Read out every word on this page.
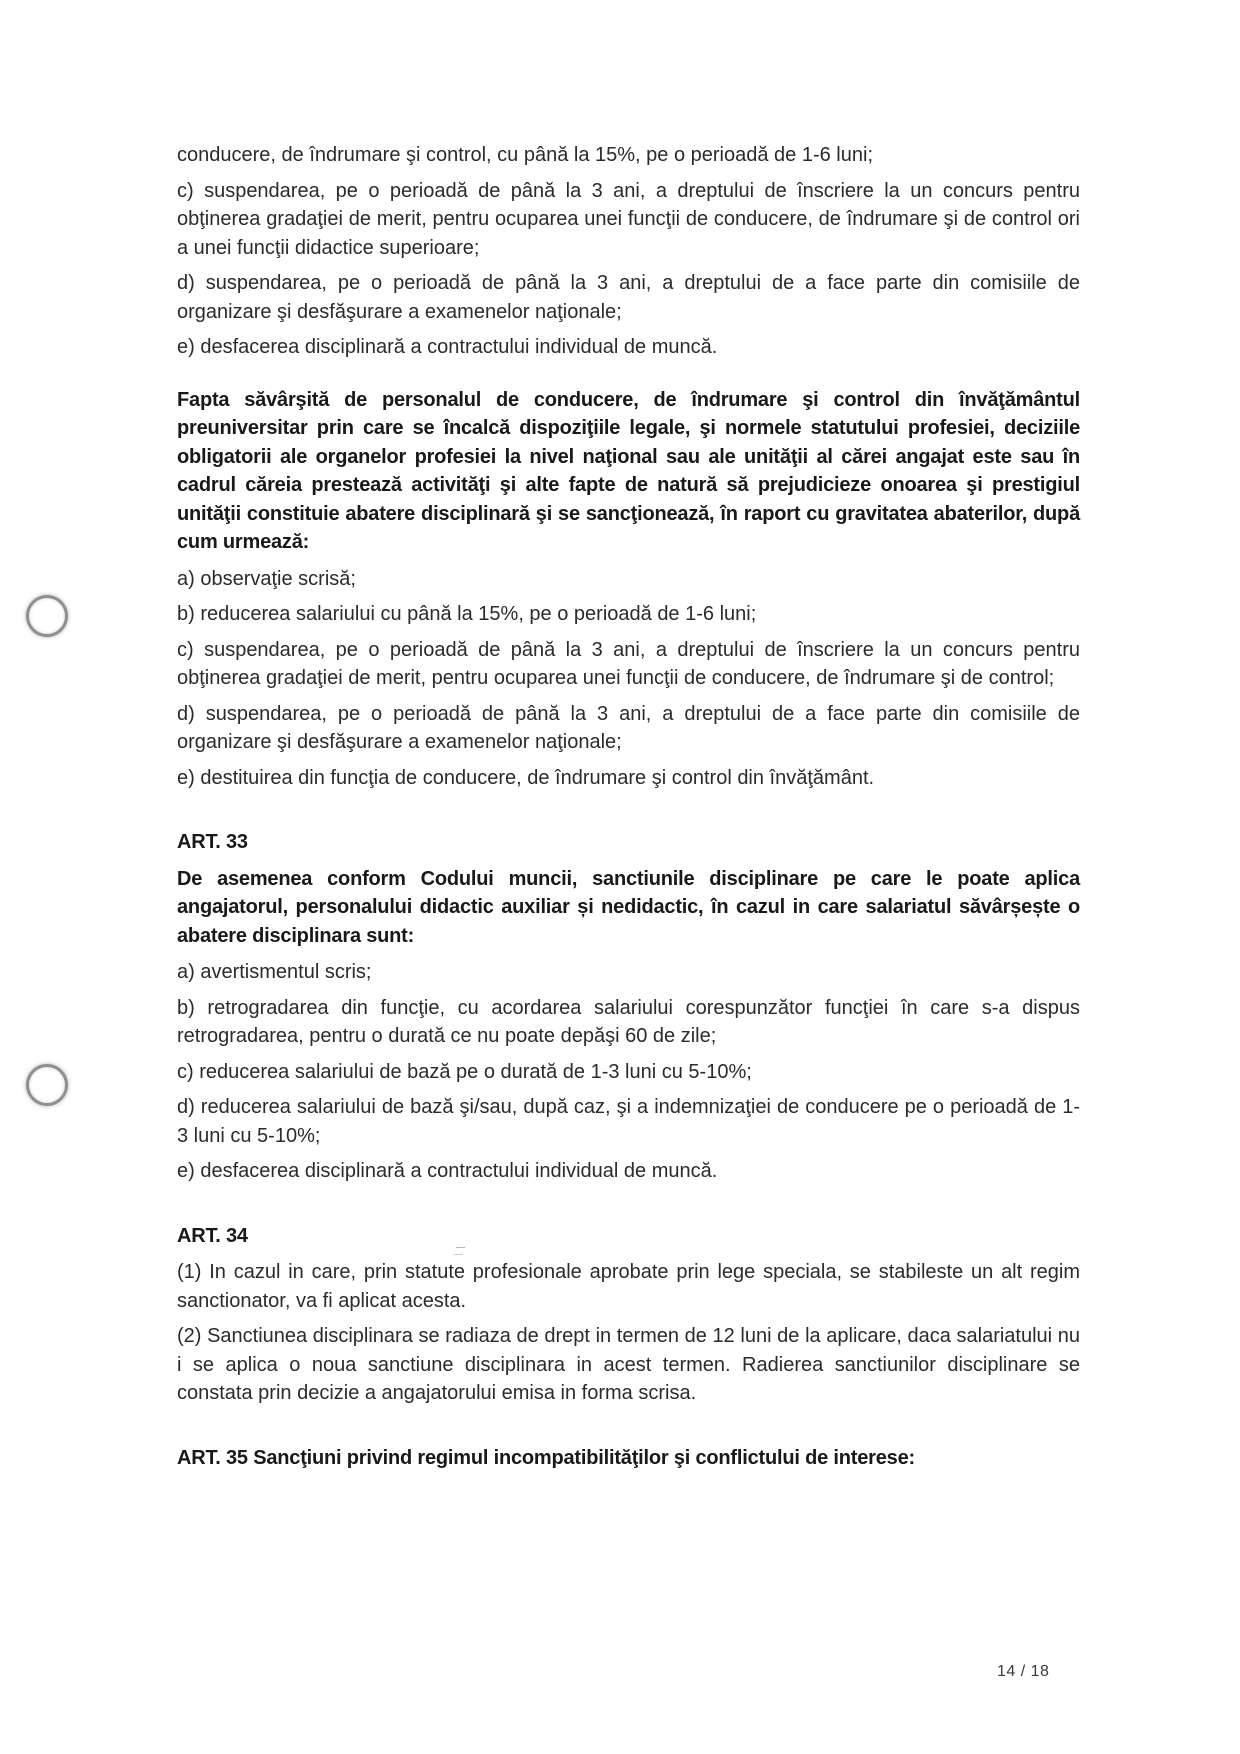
conducere, de îndrumare şi control, cu până la 15%, pe o perioadă de 1-6 luni;

c) suspendarea, pe o perioadă de până la 3 ani, a dreptului de înscriere la un concurs pentru obţinerea gradaţiei de merit, pentru ocuparea unei funcţii de conducere, de îndrumare şi de control ori a unei funcţii didactice superioare;

d) suspendarea, pe o perioadă de până la 3 ani, a dreptului de a face parte din comisiile de organizare şi desfăşurare a examenelor naţionale;

e) desfacerea disciplinară a contractului individual de muncă.

Fapta săvârşită de personalul de conducere, de îndrumare şi control din învăţământul preuniversitar prin care se încalcă dispoziţiile legale, şi normele statutului profesiei, deciziile obligatorii ale organelor profesiei la nivel naţional sau ale unităţii al cărei angajat este sau în cadrul căreia prestează activităţi şi alte fapte de natură să prejudicieze onoarea şi prestigiul unităţii constituie abatere disciplinară şi se sancţionează, în raport cu gravitatea abaterilor, după cum urmează:

a) observaţie scrisă;

b) reducerea salariului cu până la 15%, pe o perioadă de 1-6 luni;

c) suspendarea, pe o perioadă de până la 3 ani, a dreptului de înscriere la un concurs pentru obţinerea gradaţiei de merit, pentru ocuparea unei funcţii de conducere, de îndrumare şi de control;

d) suspendarea, pe o perioadă de până la 3 ani, a dreptului de a face parte din comisiile de organizare şi desfăşurare a examenelor naţionale;

e) destituirea din funcţia de conducere, de îndrumare şi control din învăţământ.

ART. 33

De asemenea conform Codului muncii, sanctiunile disciplinare pe care le poate aplica angajatorul, personalului didactic auxiliar și nedidactic, în cazul in care salariatul săvârșește o abatere disciplinara sunt:

a) avertismentul scris;

b) retrogradarea din funcţie, cu acordarea salariului corespunzător funcţiei în care s-a dispus retrogradarea, pentru o durată ce nu poate depăşi 60 de zile;

c) reducerea salariului de bază pe o durată de 1-3 luni cu 5-10%;

d) reducerea salariului de bază şi/sau, după caz, şi a indemnizaţiei de conducere pe o perioadă de 1-3 luni cu 5-10%;

e) desfacerea disciplinară a contractului individual de muncă.

ART. 34

(1) In cazul in care, prin statute profesionale aprobate prin lege speciala, se stabileste un alt regim sanctionator, va fi aplicat acesta.

(2) Sanctiunea disciplinara se radiaza de drept in termen de 12 luni de la aplicare, daca salariatului nu i se aplica o noua sanctiune disciplinara in acest termen. Radierea sanctiunilor disciplinare se constata prin decizie a angajatorului emisa in forma scrisa.

ART. 35 Sancţiuni privind regimul incompatibilităţilor şi conflictului de interese:

14 / 18
